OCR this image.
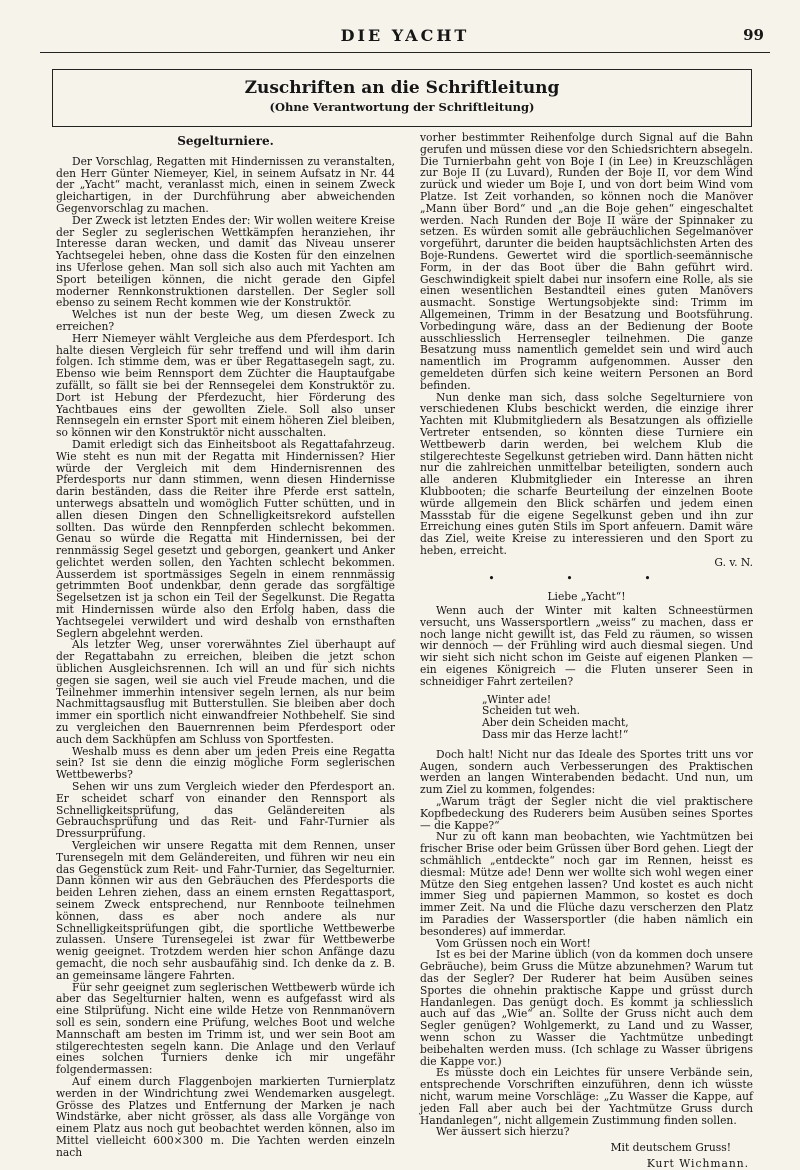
DIE YACHT	99
Zuschriften an die Schriftleitung
(Ohne Verantwortung der Schriftleitung)
Segelturniere.

Der Vorschlag, Regatten mit Hindernissen zu veranstalten, den Herr Günter Niemeyer, Kiel, in seinem Aufsatz in Nr. 44 der „Yacht“ macht, veranlasst mich, einen in seinem Zweck gleichartigen, in der Durchführung aber abweichenden Gegenvorschlag zu machen.

Der Zweck ist letzten Endes der: Wir wollen weitere Kreise der Segler zu seglerischen Wettkämpfen heranziehen, ihr Interesse daran wecken, und damit das Niveau unserer Yachtsegelei heben, ohne dass die Kosten für den einzelnen ins Uferlose gehen. Man soll sich also auch mit Yachten am Sport beteiligen können, die nicht gerade den Gipfel moderner Rennkonstruktionen darstellen. Der Segler soll ebenso zu seinem Recht kommen wie der Konstruktör.

Welches ist nun der beste Weg, um diesen Zweck zu erreichen?

Herr Niemeyer wählt Vergleiche aus dem Pferdesport. Ich halte diesen Vergleich für sehr treffend und will ihm darin folgen. Ich stimme dem, was er über Regattasegeln sagt, zu. Ebenso wie beim Rennsport dem Züchter die Hauptaufgabe zufällt, so fällt sie bei der Rennsegelei dem Konstruktör zu. Dort ist Hebung der Pferdezucht, hier Förderung des Yachtbaues eins der gewollten Ziele. Soll also unser Rennsegeln ein ernster Sport mit einem höheren Ziel bleiben, so können wir den Konstruktör nicht ausschalten.

Damit erledigt sich das Einheitsboot als Regattafahrzeug. Wie steht es nun mit der Regatta mit Hindernissen? Hier würde der Vergleich mit dem Hindernisrennen des Pferdesports nur dann stimmen, wenn diesen Hindernisse darin beständen, dass die Reiter ihre Pferde erst satteln, unterwegs absatteln und womöglich Futter schütten, und in allen diesen Dingen den Schnelligkeitsrekord aufstellen sollten. Das würde den Rennpferden schlecht bekommen. Genau so würde die Regatta mit Hindernissen, bei der rennmässig Segel gesetzt und geborgen, geankert und Anker gelichtet werden sollen, den Yachten schlecht bekommen. Ausserdem ist sportmässiges Segeln in einem rennmässig getrimmten Boot undenkbar, denn gerade das sorgfältige Segelsetzen ist ja schon ein Teil der Segelkunst. Die Regatta mit Hindernissen würde also den Erfolg haben, dass die Yachtsegelei verwildert und wird deshalb von ernsthaften Seglern abgelehnt werden.

Als letzter Weg, unser vorerwähntes Ziel überhaupt auf der Regattabahn zu erreichen, bleiben die jetzt schon üblichen Ausgleichsrennen. Ich will an und für sich nichts gegen sie sagen, weil sie auch viel Freude machen, und die Teilnehmer immerhin intensiver segeln lernen, als nur beim Nachmittagsausflug mit Butterstullen. Sie bleiben aber doch immer ein sportlich nicht einwandfreier Nothbehelf. Sie sind zu vergleichen den Bauernrennen beim Pferdesport oder auch dem Sackhüpfen am Schluss von Sportfesten.

Weshalb muss es denn aber um jeden Preis eine Regatta sein? Ist sie denn die einzig mögliche Form seglerischen Wettbewerbs?

Sehen wir uns zum Vergleich wieder den Pferdesport an. Er scheidet scharf von einander den Rennsport als Schnelligkeitsprüfung, das Geländereiten als Gebrauchsprüfung und das Reit- und Fahr-Turnier als Dressurprüfung.

Vergleichen wir unsere Regatta mit dem Rennen, unser Turensegeln mit dem Geländereiten, und führen wir neu ein das Gegenstück zum Reit- und Fahr-Turnier, das Segelturnier. Dann können wir aus den Gebräuchen des Pferdesports die beiden Lehren ziehen, dass an einem ernsten Regattasport, seinem Zweck entsprechend, nur Rennboote teilnehmen können, dass es aber noch andere als nur Schnelligkeitsprüfungen gibt, die sportliche Wettbewerbe zulassen. Unsere Turensegelei ist zwar für Wettbewerbe wenig geeignet. Trotzdem werden hier schon Anfänge dazu gemacht, die noch sehr ausbaufähig sind. Ich denke da z. B. an gemeinsame längere Fahrten.

Für sehr geeignet zum seglerischen Wettbewerb würde ich aber das Segelturnier halten, wenn es aufgefasst wird als eine Stilprüfung. Nicht eine wilde Hetze von Rennmanövern soll es sein, sondern eine Prüfung, welches Boot und welche Mannschaft am besten im Trimm ist, und wer sein Boot am stilgerechtesten segeln kann. Die Anlage und den Verlauf eines solchen Turniers denke ich mir ungefähr folgendermassen:

Auf einem durch Flaggenbojen markierten Turnierplatz werden in der Windrichtung zwei Wendemarken ausgelegt. Grösse des Platzes und Entfernung der Marken je nach Windstärke, aber nicht grösser, als dass alle Vorgänge von einem Platz aus noch gut beobachtet werden können, also im Mittel vielleicht 600×300 m. Die Yachten werden einzeln nach

vorher bestimmter Reihenfolge durch Signal auf die Bahn gerufen und müssen diese vor den Schiedsrichtern absegeln. Die Turnierbahn geht von Boje I (in Lee) in Kreuzschlägen zur Boje II (zu Luvard), Runden der Boje II, vor dem Wind zurück und wieder um Boje I, und von dort beim Wind vom Platze. Ist Zeit vorhanden, so können noch die Manöver „Mann über Bord“ und „an die Boje gehen“ eingeschaltet werden. Nach Runden der Boje II wäre der Spinnaker zu setzen. Es würden somit alle gebräuchlichen Segelmanöver vorgeführt, darunter die beiden hauptsächlichsten Arten des Boje-Rundens. Gewertet wird die sportlich-seemännische Form, in der das Boot über die Bahn geführt wird. Geschwindigkeit spielt dabei nur insofern eine Rolle, als sie einen wesentlichen Bestandteil eines guten Manövers ausmacht. Sonstige Wertungsobjekte sind: Trimm im Allgemeinen, Trimm in der Besatzung und Bootsführung. Vorbedingung wäre, dass an der Bedienung der Boote ausschliesslich Herrensegler teilnehmen. Die ganze Besatzung muss namentlich gemeldet sein und wird auch namentlich im Programm aufgenommen. Ausser den gemeldeten dürfen sich keine weitern Personen an Bord befinden.

Nun denke man sich, dass solche Segelturniere von verschiedenen Klubs beschickt werden, die einzige ihrer Yachten mit Klubmitgliedern als Besatzungen als offizielle Vertreter entsenden, so könnten diese Turniere ein Wettbewerb darin werden, bei welchem Klub die stilgerechteste Segelkunst getrieben wird. Dann hätten nicht nur die zahlreichen unmittelbar beteiligten, sondern auch alle anderen Klubmitglieder ein Interesse an ihren Klubbooten; die scharfe Beurteilung der einzelnen Boote würde allgemein den Blick schärfen und jedem einen Massstab für die eigene Segelkunst geben und ihn zur Erreichung eines guten Stils im Sport anfeuern. Damit wäre das Ziel, weite Kreise zu interessieren und den Sport zu heben, erreicht.

G. v. N.
• • •
Liebe „Yacht“!

Wenn auch der Winter mit kalten Schneestürmen versucht, uns Wassersportlern „weiss“ zu machen, dass er noch lange nicht gewillt ist, das Feld zu räumen, so wissen wir dennoch — der Frühling wird auch diesmal siegen. Und wir sieht sich nicht schon im Geiste auf eigenen Planken — ein eigenes Königreich — die Fluten unserer Seen in schneidiger Fahrt zerteilen?

„Winter ade!
Scheiden tut weh.
Aber dein Scheiden macht,
Dass mir das Herze lacht!“

Doch halt! Nicht nur das Ideale des Sportes tritt uns vor Augen, sondern auch Verbesserungen des Praktischen werden an langen Winterabenden bedacht. Und nun, um zum Ziel zu kommen, folgendes:

„Warum trägt der Segler nicht die viel praktischere Kopfbedeckung des Ruderers beim Ausüben seines Sportes — die Kappe?“

Nur zu oft kann man beobachten, wie Yachtmützen bei frischer Brise oder beim Grüssen über Bord gehen. Liegt der schmählich „entdeckte“ noch gar im Rennen, heisst es diesmal: Mütze ade! Denn wer wollte sich wohl wegen einer Mütze den Sieg entgehen lassen? Und kostet es auch nicht immer Sieg und papiernen Mammon, so kostet es doch immer Zeit. Na und die Flüche dazu verscherzen den Platz im Paradies der Wassersportler (die haben nämlich ein besonderes) auf immerdar.

Vom Grüssen noch ein Wort!

Ist es bei der Marine üblich (von da kommen doch unsere Gebräuche), beim Gruss die Mütze abzunehmen? Warum tut das der Segler? Der Ruderer hat beim Ausüben seines Sportes die ohnehin praktische Kappe und grüsst durch Handanlegen. Das genügt doch. Es kommt ja schliesslich auch auf das „Wie“ an. Sollte der Gruss nicht auch dem Segler genügen? Wohlgemerkt, zu Land und zu Wasser, wenn schon zu Wasser die Yachtmütze unbedingt beibehalten werden muss. (Ich schlage zu Wasser übrigens die Kappe vor.)

Es müsste doch ein Leichtes für unsere Verbände sein, entsprechende Vorschriften einzuführen, denn ich wüsste nicht, warum meine Vorschläge: „Zu Wasser die Kappe, auf jeden Fall aber auch bei der Yachtmütze Gruss durch Handanlegen“, nicht allgemein Zustimmung finden sollen.

Wer äussert sich hierzu?

Mit deutschem Gruss!
Kurt Wichmann.
